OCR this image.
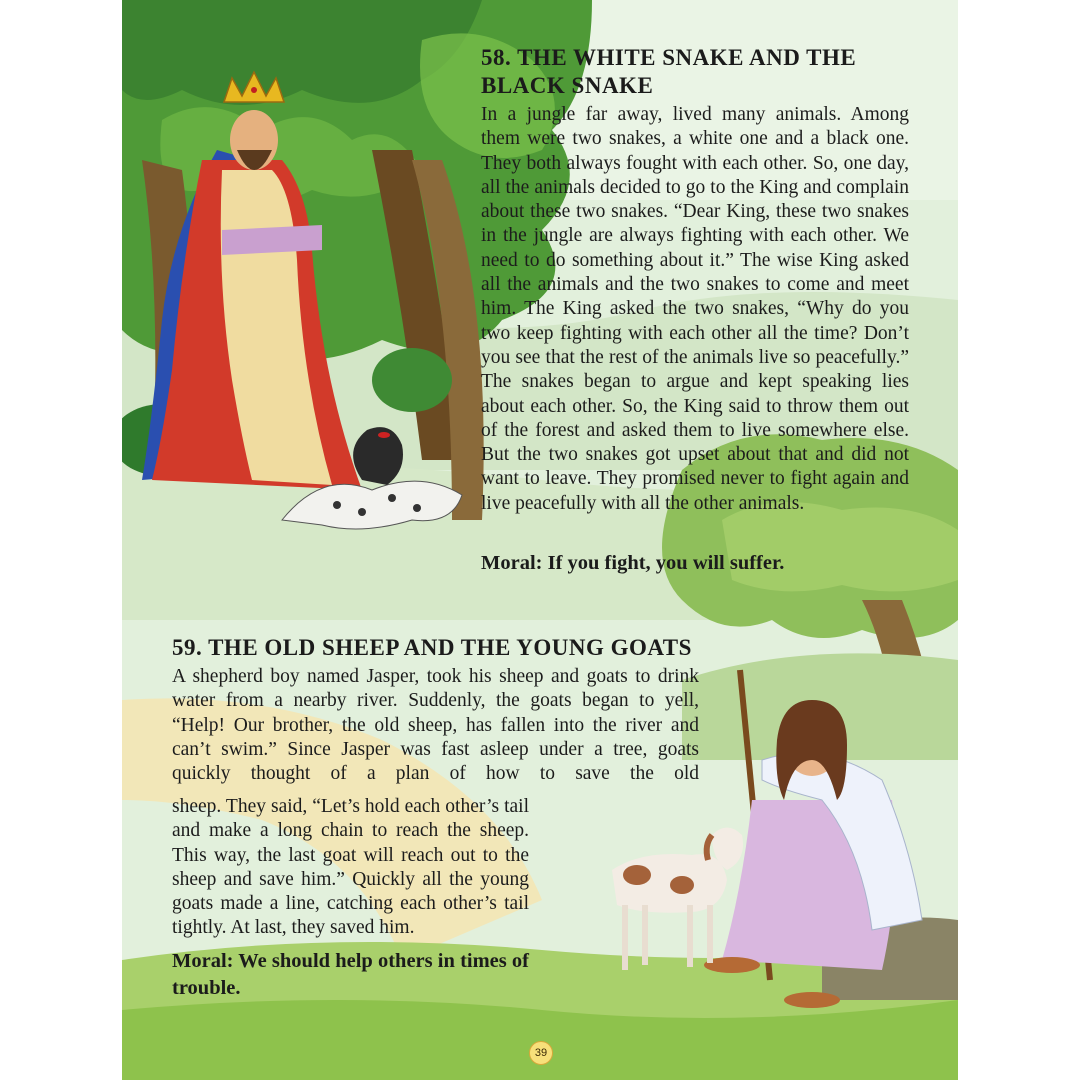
58. THE WHITE SNAKE AND THE BLACK SNAKE

In a jungle far away, lived many animals. Among them were two snakes, a white one and a black one. They both always fought with each other. So, one day, all the animals decided to go to the King and complain about these two snakes. “Dear King, these two snakes in the jungle are always fighting with each other. We need to do something about it.” The wise King asked all the animals and the two snakes to come and meet him. The King asked the two snakes, “Why do you two keep fighting with each other all the time? Don’t you see that the rest of the animals live so peacefully.” The snakes began to argue and kept speaking lies about each other. So, the King said to throw them out of the forest and asked them to live somewhere else. But the two snakes got upset about that and did not want to leave. They promised never to fight again and live peacefully with all the other animals.

Moral: If you fight, you will suffer.

59. THE OLD SHEEP AND THE YOUNG GOATS

A shepherd boy named Jasper, took his sheep and goats to drink water from a nearby river. Suddenly, the goats began to yell, “Help! Our brother, the old sheep, has fallen into the river and can’t swim.” Since Jasper was fast asleep under a tree, goats quickly thought of a plan of how to save the old

sheep. They said, “Let’s hold each other’s tail and make a long chain to reach the sheep. This way, the last goat will reach out to the sheep and save him.” Quickly all the young goats made a line, catching each other’s tail tightly. At last, they saved him.

Moral: We should help others in times of trouble.

39
